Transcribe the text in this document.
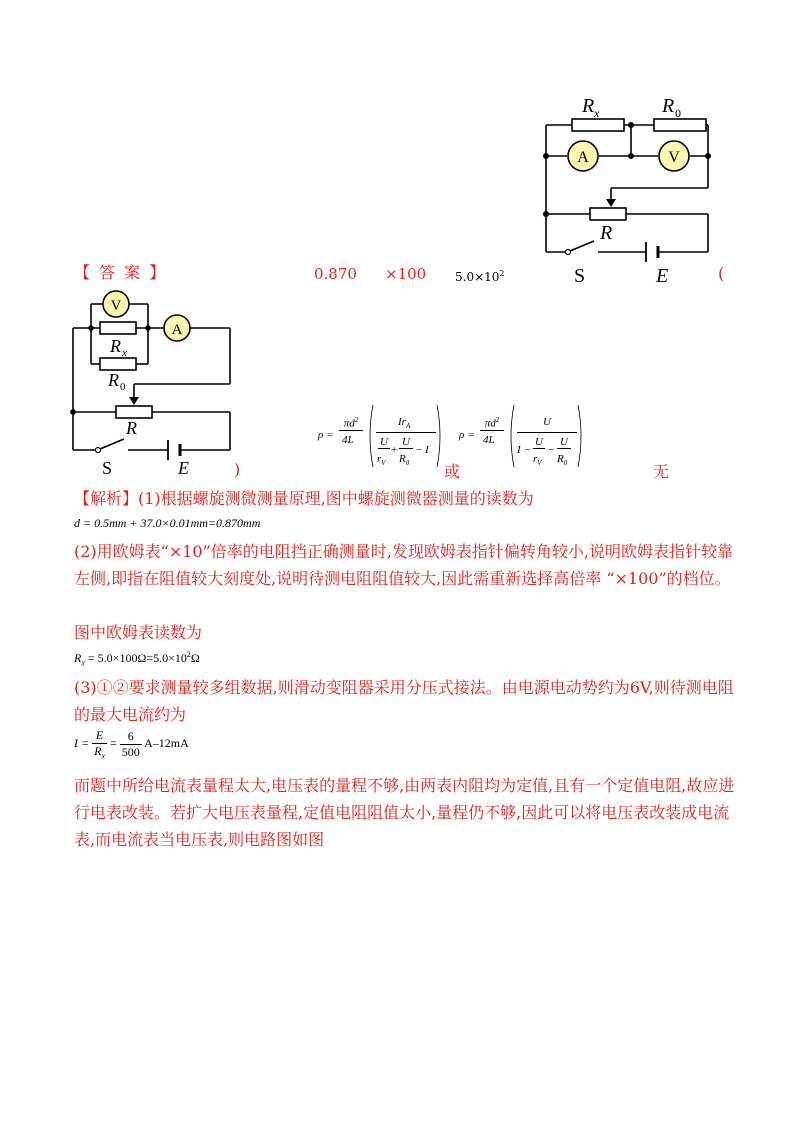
R x	R 0
A	V
R
S	E
【 答 案 】	0.870 ×100 $5.0\times 10^2$	(
V
A
R x
R 0
R
S	E	)
ρ =
$\pi d^2$
4L
$Ir_A$
U
$r_V$
+
U
$R_0$
− I
ρ =
$\pi d^2$
4L
U
I −
U
$r_V$
−
U
$R_0$
或	无
【解析】(1)根据螺旋测微测量原理,图中螺旋测微器测量的读数为
d = 0.5mm + 37.0×0.01mm=0.870mm
(2)用欧姆表“×10”倍率的电阻挡正确测量时,发现欧姆表指针偏转角较小,说明欧姆表指针较靠左侧,即指在阻值较大刻度处,说明待测电阻阻值较大,因此需重新选择高倍率 “×100”的档位。
图中欧姆表读数为
$R_x = 5.0\times 100\Omega=5.0\times 10^2\Omega$
(3)①②要求测量较多组数据,则滑动变阻器采用分压式接法。由电源电动势约为6V,则待测电阻的最大电流约为
$I = \frac{E}{R_x} = \frac{6}{500} A-12mA$
而题中所给电流表量程太大,电压表的量程不够,由两表内阻均为定值,且有一个定值电阻,故应进行电表改装。若扩大电压表量程,定值电阻阻值太小,量程仍不够,因此可以将电压表改装成电流表,而电流表当电压表,则电路图如图
